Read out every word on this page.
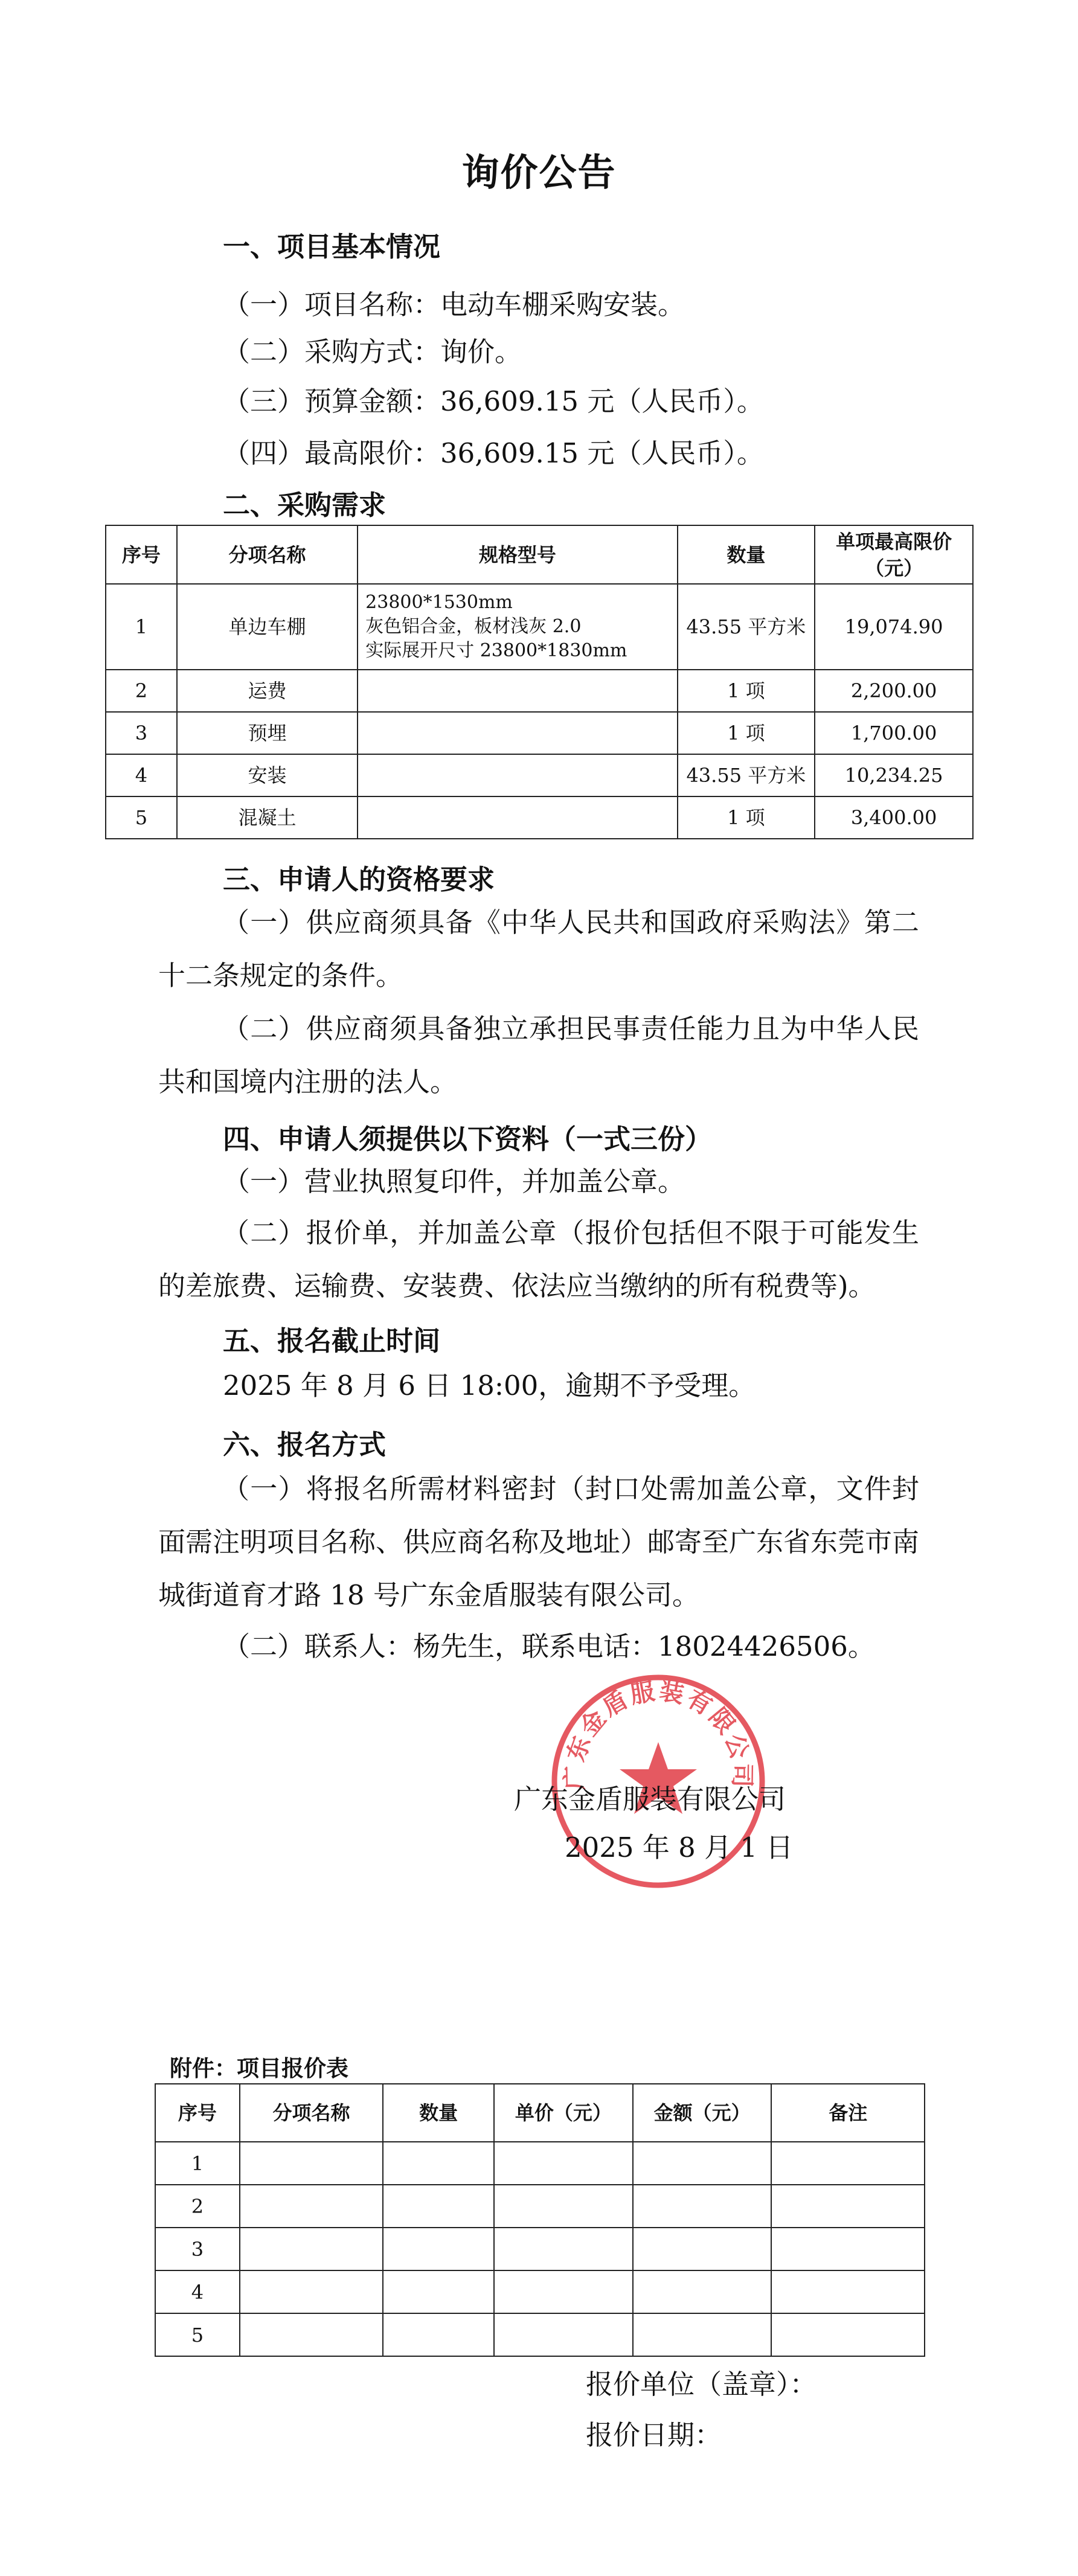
询价公告
一、项目基本情况
（一）项目名称：电动车棚采购安装。
（二）采购方式：询价。
（三）预算金额：36,609.15 元（人民币）。
（四）最高限价：36,609.15 元（人民币）。
二、采购需求
序号	分项名称	规格型号	数量	单项最高限价（元）
1	单边车棚	23800*1530mm
灰色铝合金，板材浅灰 2.0
实际展开尺寸 23800*1830mm	43.55 平方米	19,074.90
2	运费		1 项	2,200.00
3	预埋		1 项	1,700.00
4	安装		43.55 平方米	10,234.25
5	混凝土		1 项	3,400.00
三、申请人的资格要求
（一）供应商须具备《中华人民共和国政府采购法》第二十二条规定的条件。
（二）供应商须具备独立承担民事责任能力且为中华人民共和国境内注册的法人。
四、申请人须提供以下资料（一式三份）
（一）营业执照复印件，并加盖公章。
（二）报价单，并加盖公章（报价包括但不限于可能发生的差旅费、运输费、安装费、依法应当缴纳的所有税费等)。
五、报名截止时间
2025 年 8 月 6 日 18:00，逾期不予受理。
六、报名方式
（一）将报名所需材料密封（封口处需加盖公章，文件封面需注明项目名称、供应商名称及地址）邮寄至广东省东莞市南城街道育才路 18 号广东金盾服装有限公司。
（二）联系人：杨先生，联系电话：18024426506。
广东金盾服装有限公司
广东金盾服装有限公司
2025 年 8 月 1 日
附件：项目报价表
序号	分项名称	数量	单价（元）	金额（元）	备注
1					
2					
3					
4					
5					
报价单位（盖章）：
报价日期：
